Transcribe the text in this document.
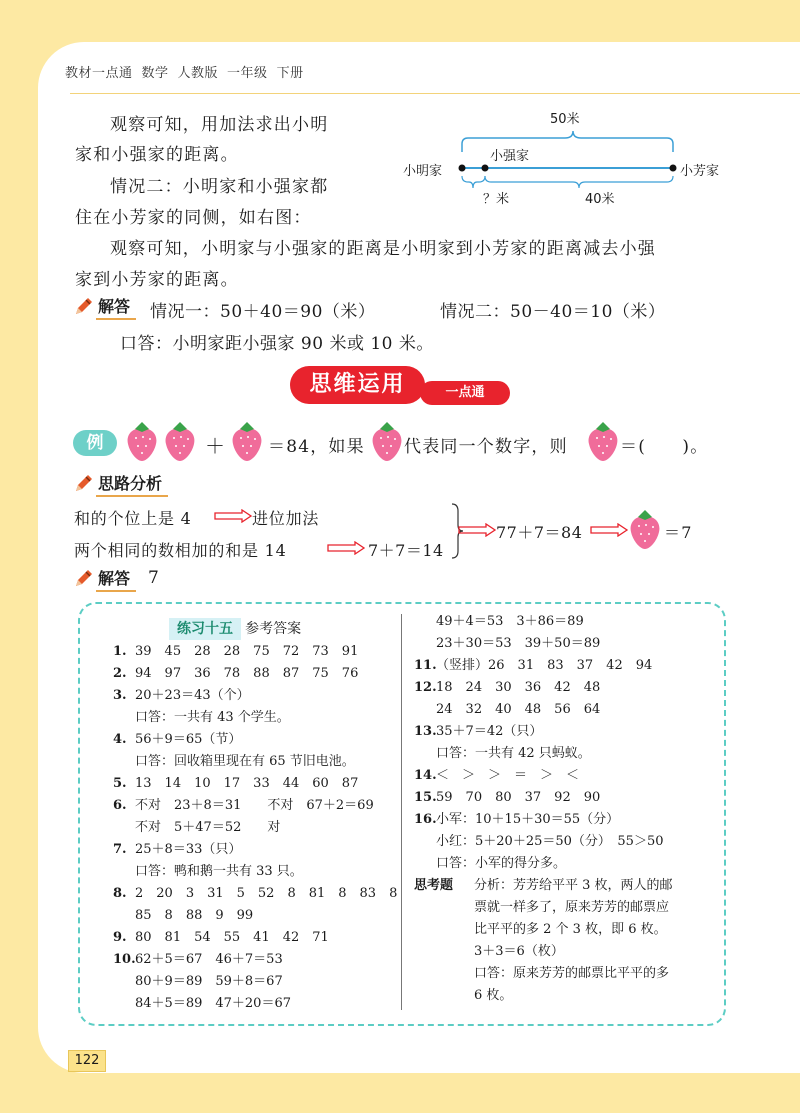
教材一点通 数学 人教版 一年级 下册
观察可知，用加法求出小明
家和小强家的距离。
情况二：小明家和小强家都
住在小芳家的同侧，如右图：
观察可知，小明家与小强家的距离是小明家到小芳家的距离减去小强
家到小芳家的距离。
50米
小强家
小明家	小芳家
？米	40米
解答	情况一：50＋40＝90（米）	情况二：50－40＝10（米）
口答：小明家距小强家 90 米或 10 米。
思维运用	一点通
例	＋ ＝84，如果 代表同一个数字，则	＝(　　)。
思路分析
和的个位上是 4	进位加法
两个相同的数相加的和是 14	7＋7＝14
77＋7＝84	＝7
解答	7
练习十五 参考答案
1. 39　45　28　28　75　72　73　91
2. 94　97　36　78　88　87　75　76
3. 20＋23＝43（个）
口答：一共有 43 个学生。
4. 56＋9＝65（节）
口答：回收箱里现在有 65 节旧电池。
5. 13　14　10　17　33　44　60　87
6. 不对　23＋8＝31　　不对　67＋2＝69
不对　5＋47＝52　　对
7. 25＋8＝33（只）
口答：鸭和鹅一共有 33 只。
8. 2　20　3　31　5　52　8　81　8　83　8
85　8　88　9　99
9. 80　81　54　55　41　42　71
10.62＋5＝67　46＋7＝53
80＋9＝89　59＋8＝67
84＋5＝89　47＋20＝67
49＋4＝53　3＋86＝89
23＋30＝53　39＋50＝89
11.（竖排）26　31　83　37　42　94
12.18　24　30　36　42　48
24　32　40　48　56　64
13.35＋7＝42（只）
口答：一共有 42 只蚂蚁。
14.＜　＞　＞　＝　＞　＜
15.59　70　80　37　92　90
16.小军：10＋15＋30＝55（分）
小红：5＋20＋25＝50（分）　55＞50
口答：小军的得分多。
思考题	分析：芳芳给平平 3 枚，两人的邮
票就一样多了，原来芳芳的邮票应
比平平的多 2 个 3 枚，即 6 枚。
3＋3＝6（枚）
口答：原来芳芳的邮票比平平的多
6 枚。
122
